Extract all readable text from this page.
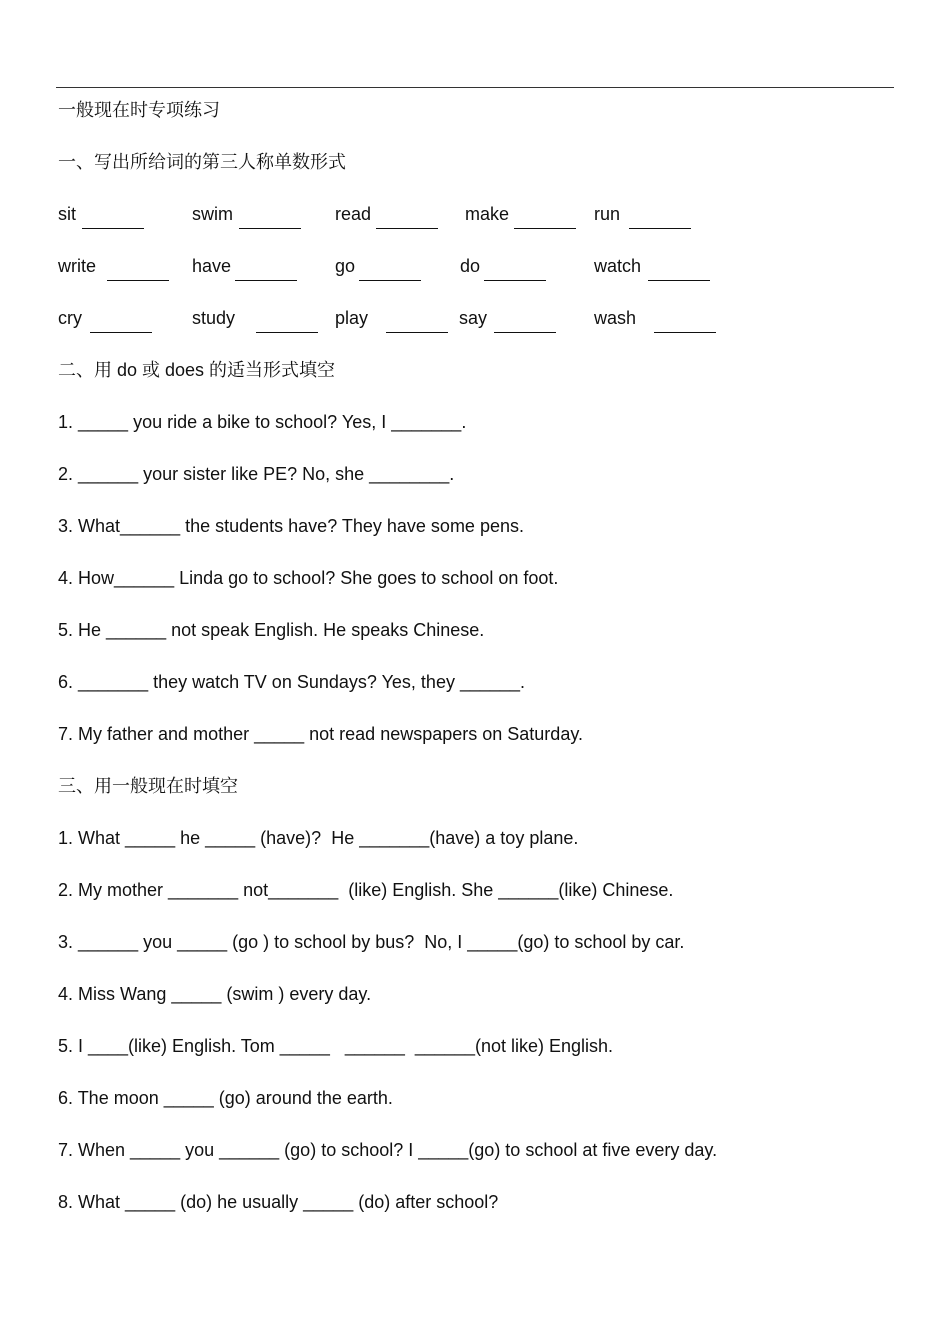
一般现在时专项练习
一、写出所给词的第三人称单数形式
sit	swim	read	make	run
write	have	go	do	watch
cry	study	play	say	wash
二、用 do 或 does 的适当形式填空
1. _____ you ride a bike to school? Yes, I _______.
2. ______ your sister like PE? No, she ________.
3. What______ the students have? They have some pens.
4. How______ Linda go to school? She goes to school on foot.
5. He ______ not speak English. He speaks Chinese.
6. _______ they watch TV on Sundays? Yes, they ______.
7. My father and mother _____ not read newspapers on Saturday.
三、用一般现在时填空
1. What _____ he _____ (have)?  He _______(have) a toy plane.
2. My mother _______ not_______  (like) English. She ______(like) Chinese.
3. ______ you _____ (go ) to school by bus?  No, I _____(go) to school by car.
4. Miss Wang _____ (swim ) every day.
5. I ____(like) English. Tom _____   ______  ______(not like) English.
6. The moon _____ (go) around the earth.
7. When _____ you ______ (go) to school? I _____(go) to school at five every day.
8. What _____ (do) he usually _____ (do) after school?
